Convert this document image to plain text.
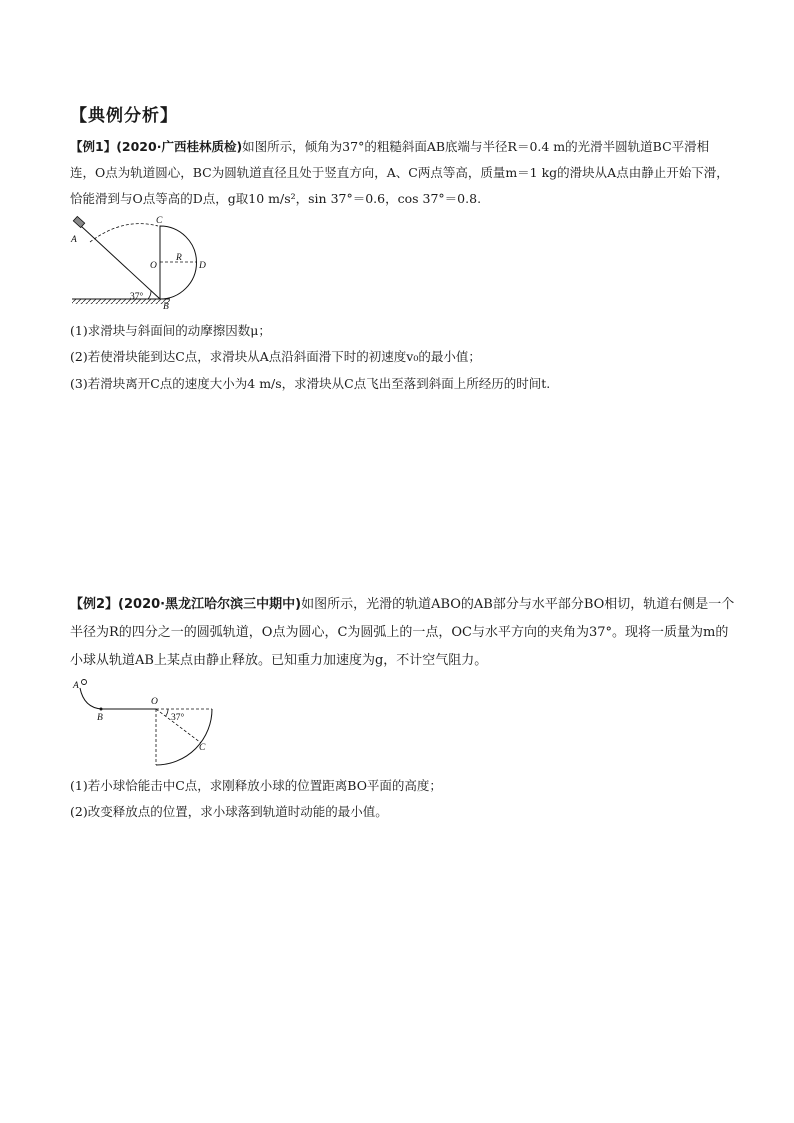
【典例分析】
【例1】(2020·广西桂林质检)如图所示，倾角为37°的粗糙斜面AB底端与半径R＝0.4 m的光滑半圆轨道BC平滑相连，O点为轨道圆心，BC为圆轨道直径且处于竖直方向，A、C两点等高，质量m＝1 kg的滑块从A点由静止开始下滑，恰能滑到与O点等高的D点，g取10 m/s²，sin 37°＝0.6，cos 37°＝0.8.
A
B
C
O
R
D
37°
(1)求滑块与斜面间的动摩擦因数μ；
(2)若使滑块能到达C点，求滑块从A点沿斜面滑下时的初速度v₀的最小值；
(3)若滑块离开C点的速度大小为4 m/s，求滑块从C点飞出至落到斜面上所经历的时间t.
【例2】(2020·黑龙江哈尔滨三中期中)如图所示，光滑的轨道ABO的AB部分与水平部分BO相切，轨道右侧是一个半径为R的四分之一的圆弧轨道，O点为圆心，C为圆弧上的一点，OC与水平方向的夹角为37°。现将一质量为m的小球从轨道AB上某点由静止释放。已知重力加速度为g，不计空气阻力。
A
B
O
C
37°
(1)若小球恰能击中C点，求刚释放小球的位置距离BO平面的高度；
(2)改变释放点的位置，求小球落到轨道时动能的最小值。
